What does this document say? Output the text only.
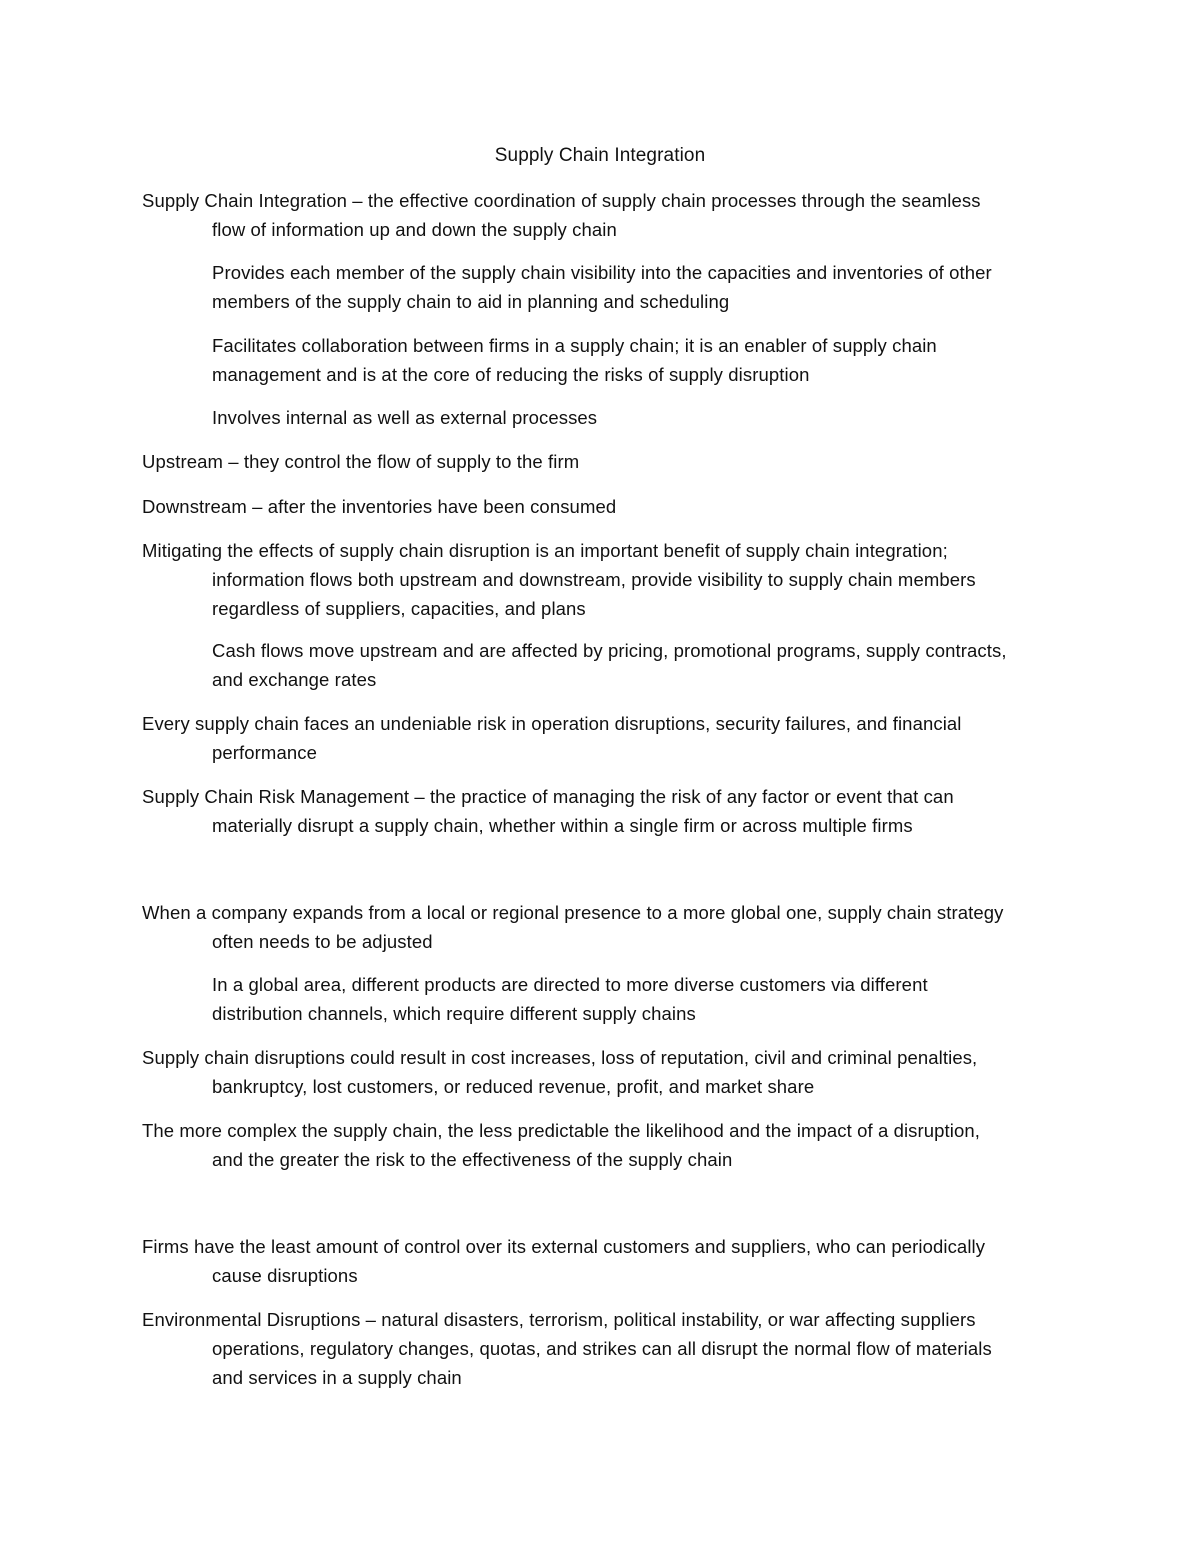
Supply Chain Integration
Supply Chain Integration – the effective coordination of supply chain processes through the seamless
flow of information up and down the supply chain
Provides each member of the supply chain visibility into the capacities and inventories of other
members of the supply chain to aid in planning and scheduling
Facilitates collaboration between firms in a supply chain; it is an enabler of supply chain
management and is at the core of reducing the risks of supply disruption
Involves internal as well as external processes
Upstream – they control the flow of supply to the firm
Downstream – after the inventories have been consumed
Mitigating the effects of supply chain disruption is an important benefit of supply chain integration;
information flows both upstream and downstream, provide visibility to supply chain members
regardless of suppliers, capacities, and plans
Cash flows move upstream and are affected by pricing, promotional programs, supply contracts,
and exchange rates
Every supply chain faces an undeniable risk in operation disruptions, security failures, and financial
performance
Supply Chain Risk Management – the practice of managing the risk of any factor or event that can
materially disrupt a supply chain, whether within a single firm or across multiple firms
When a company expands from a local or regional presence to a more global one, supply chain strategy
often needs to be adjusted
In a global area, different products are directed to more diverse customers via different
distribution channels, which require different supply chains
Supply chain disruptions could result in cost increases, loss of reputation, civil and criminal penalties,
bankruptcy, lost customers, or reduced revenue, profit, and market share
The more complex the supply chain, the less predictable the likelihood and the impact of a disruption,
and the greater the risk to the effectiveness of the supply chain
Firms have the least amount of control over its external customers and suppliers, who can periodically
cause disruptions
Environmental Disruptions – natural disasters, terrorism, political instability, or war affecting suppliers
operations, regulatory changes, quotas, and strikes can all disrupt the normal flow of materials
and services in a supply chain
